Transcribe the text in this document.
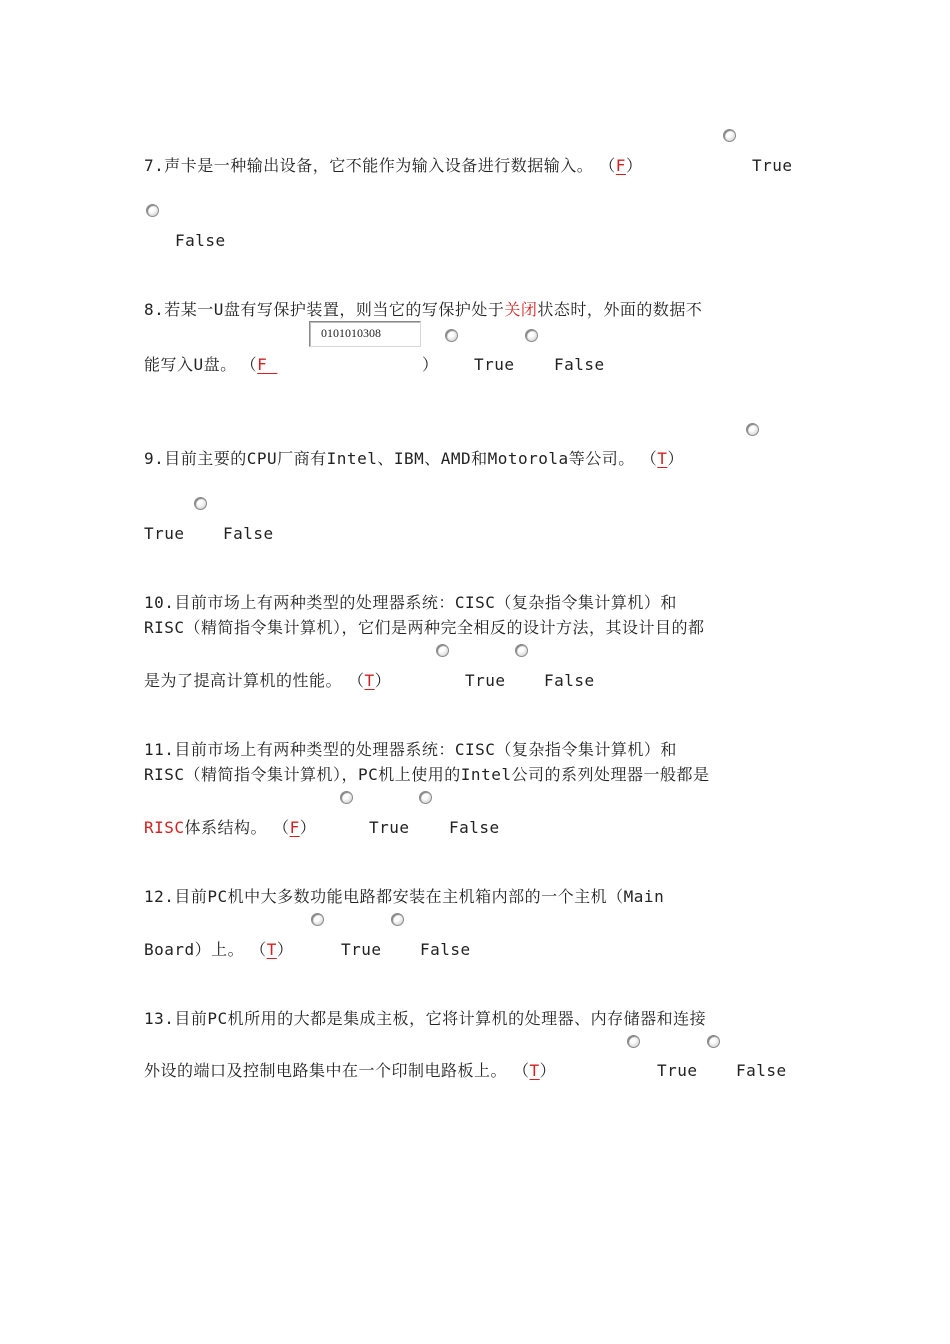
7.声卡是一种输出设备，它不能作为输入设备进行数据输入。 （F）	True
False
8.若某一U盘有写保护装置，则当它的写保护处于关闭状态时，外面的数据不
0101010308
能写入U盘。 （F	） True False
9.目前主要的CPU厂商有Intel、IBM、AMD和Motorola等公司。 （T）
True False
10.目前市场上有两种类型的处理器系统：CISC（复杂指令集计算机）和
RISC（精简指令集计算机），它们是两种完全相反的设计方法，其设计目的都
是为了提高计算机的性能。 （T）	True False
11.目前市场上有两种类型的处理器系统：CISC（复杂指令集计算机）和
RISC（精简指令集计算机），PC机上使用的Intel公司的系列处理器一般都是
RISC体系结构。 （F）	True False
12.目前PC机中大多数功能电路都安装在主机箱内部的一个主机（Main
Board）上。 （T）	True False
13.目前PC机所用的大都是集成主板，它将计算机的处理器、内存储器和连接
外设的端口及控制电路集中在一个印制电路板上。 （T）	True False
